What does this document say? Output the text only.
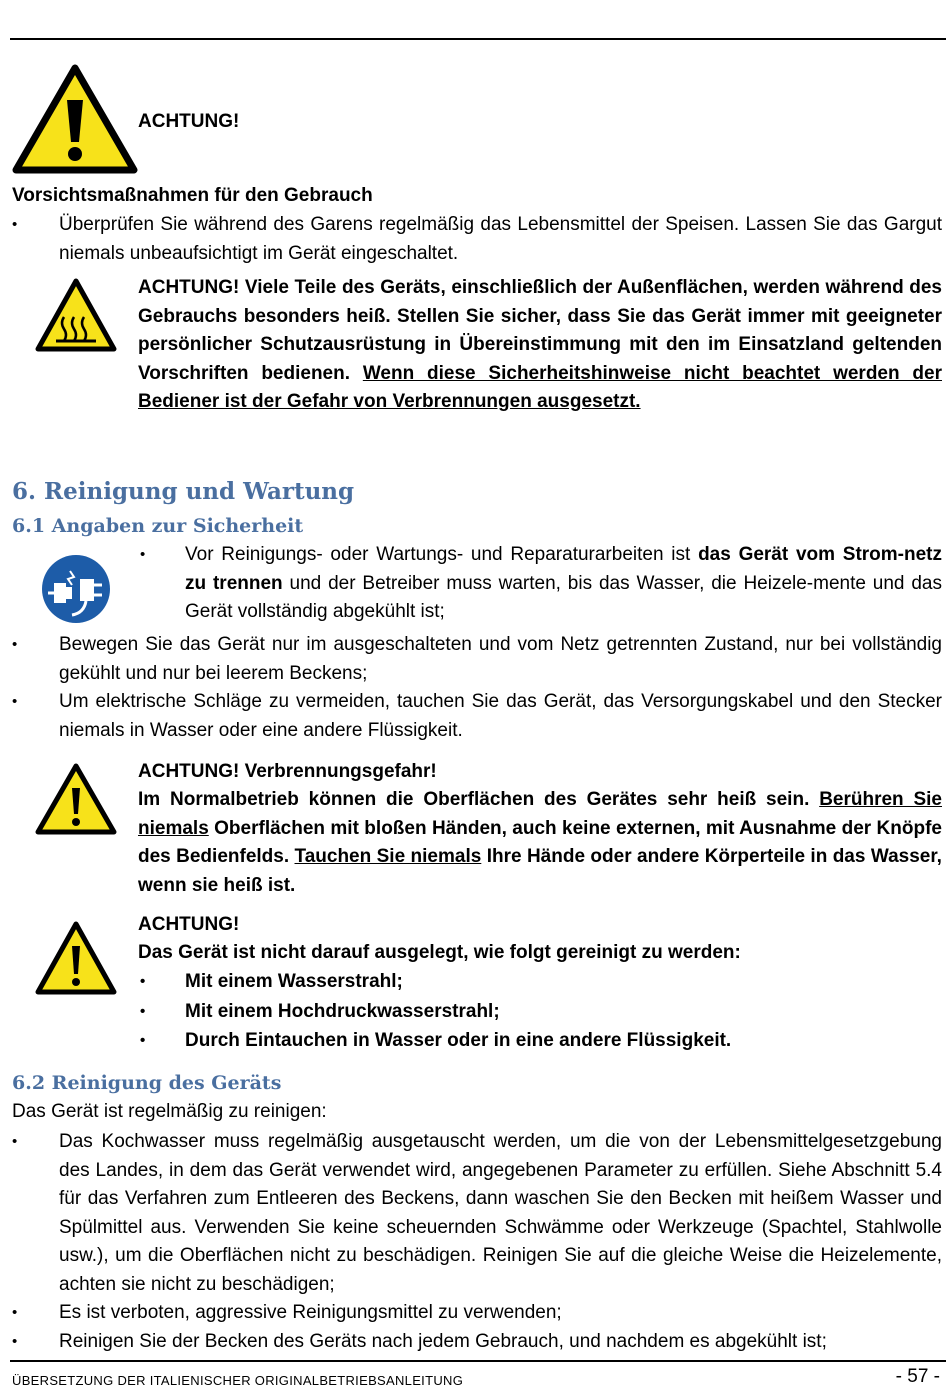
ACHTUNG!
Vorsichtsmaßnahmen für den Gebrauch
• Überprüfen Sie während des Garens regelmäßig das Lebensmittel der Speisen. Lassen Sie das Gargut niemals unbeaufsichtigt im Gerät eingeschaltet.
ACHTUNG! Viele Teile des Geräts, einschließlich der Außenflächen, werden während des Gebrauchs besonders heiß. Stellen Sie sicher, dass Sie das Gerät immer mit geeigneter persönlicher Schutzausrüstung in Übereinstimmung mit den im Einsatzland geltenden Vorschriften bedienen. Wenn diese Sicherheitshinweise nicht beachtet werden der Bediener ist der Gefahr von Verbrennungen ausgesetzt.
6. Reinigung und Wartung
6.1 Angaben zur Sicherheit
• Vor Reinigungs- oder Wartungs- und Reparaturarbeiten ist das Gerät vom Strom-netz zu trennen und der Betreiber muss warten, bis das Wasser, die Heizele-mente und das Gerät vollständig abgekühlt ist;
• Bewegen Sie das Gerät nur im ausgeschalteten und vom Netz getrennten Zustand, nur bei vollständig gekühlt und nur bei leerem Beckens;
• Um elektrische Schläge zu vermeiden, tauchen Sie das Gerät, das Versorgungskabel und den Stecker niemals in Wasser oder eine andere Flüssigkeit.
ACHTUNG! Verbrennungsgefahr!
Im Normalbetrieb können die Oberflächen des Gerätes sehr heiß sein. Berühren Sie niemals Oberflächen mit bloßen Händen, auch keine externen, mit Ausnahme der Knöpfe des Bedienfelds. Tauchen Sie niemals Ihre Hände oder andere Körperteile in das Wasser, wenn sie heiß ist.
ACHTUNG!
Das Gerät ist nicht darauf ausgelegt, wie folgt gereinigt zu werden:
• Mit einem Wasserstrahl;
• Mit einem Hochdruckwasserstrahl;
• Durch Eintauchen in Wasser oder in eine andere Flüssigkeit.
6.2 Reinigung des Geräts
Das Gerät ist regelmäßig zu reinigen:
• Das Kochwasser muss regelmäßig ausgetauscht werden, um die von der Lebensmittelgesetzgebung des Landes, in dem das Gerät verwendet wird, angegebenen Parameter zu erfüllen. Siehe Abschnitt 5.4 für das Verfahren zum Entleeren des Beckens, dann waschen Sie den Becken mit heißem Wasser und Spülmittel aus. Verwenden Sie keine scheuernden Schwämme oder Werkzeuge (Spachtel, Stahlwolle usw.), um die Oberflächen nicht zu beschädigen. Reinigen Sie auf die gleiche Weise die Heizelemente, achten sie nicht zu beschädigen;
• Es ist verboten, aggressive Reinigungsmittel zu verwenden;
• Reinigen Sie der Becken des Geräts nach jedem Gebrauch, und nachdem es abgekühlt ist;
ÜBERSETZUNG DER ITALIENISCHER ORIGINALBETRIEBSANLEITUNG	- 57 -
